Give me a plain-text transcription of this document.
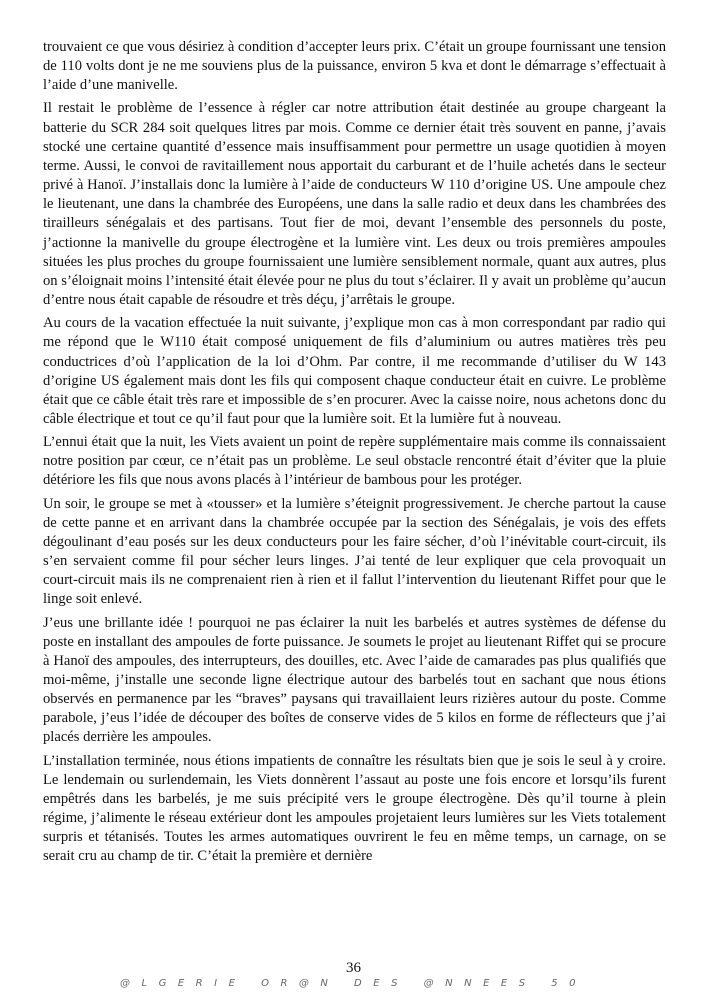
trouvaient ce que vous désiriez à condition d’accepter leurs prix. C’était un groupe fournissant une tension de 110 volts dont je ne me souviens plus de la puissance, environ 5 kva et dont le démarrage s’effectuait à l’aide d’une manivelle.

Il restait le problème de l’essence à régler car notre attribution était destinée au groupe chargeant la batterie du SCR 284 soit quelques litres par mois. Comme ce dernier était très souvent en panne, j’avais stocké une certaine quantité d’essence mais insuffisamment pour permettre un usage quotidien à moyen terme. Aussi, le convoi de ravitaillement nous apportait du carburant et de l’huile achetés dans le secteur privé à Hanoï. J’installais donc la lumière à l’aide de conducteurs W 110 d’origine US. Une ampoule chez le lieutenant, une dans la chambrée des Européens, une dans la salle radio et deux dans les chambrées des tirailleurs sénégalais et des partisans. Tout fier de moi, devant l’ensemble des personnels du poste, j’actionne la manivelle du groupe électrogène et la lumière vint. Les deux ou trois premières ampoules situées les plus proches du groupe fournissaient une lumière sensiblement normale, quant aux autres, plus on s’éloignait moins l’intensité était élevée pour ne plus du tout s’éclairer. Il y avait un problème qu’aucun d’entre nous était capable de résoudre et très déçu, j’arrêtais le groupe.

Au cours de la vacation effectuée la nuit suivante, j’explique mon cas à mon correspondant par radio qui me répond que le W110 était composé uniquement de fils d’aluminium ou autres matières très peu conductrices d’où l’application de la loi d’Ohm. Par contre, il me recommande d’utiliser du W 143 d’origine US également mais dont les fils qui composent chaque conducteur était en cuivre. Le problème était que ce câble était très rare et impossible de s’en procurer. Avec la caisse noire, nous achetons donc du câble électrique et tout ce qu’il faut pour que la lumière soit. Et la lumière fut à nouveau.

L’ennui était que la nuit, les Viets avaient un point de repère supplémentaire mais comme ils connaissaient notre position par cœur, ce n’était pas un problème. Le seul obstacle rencontré était d’éviter que la pluie détériore les fils que nous avons placés à l’intérieur de bambous pour les protéger.

Un soir, le groupe se met à «tousser» et la lumière s’éteignit progressivement. Je cherche partout la cause de cette panne et en arrivant dans la chambrée occupée par la section des Sénégalais, je vois des effets dégoulinant d’eau posés sur les deux conducteurs pour les faire sécher, d’où l’inévitable court-circuit, ils s’en servaient comme fil pour sécher leurs linges. J’ai tenté de leur expliquer que cela provoquait un court-circuit mais ils ne comprenaient rien à rien et il fallut l’intervention du lieutenant Riffet pour que le linge soit enlevé.

J’eus une brillante idée ! pourquoi ne pas éclairer la nuit les barbelés et autres systèmes de défense du poste en installant des ampoules de forte puissance. Je soumets le projet au lieutenant Riffet qui se procure à Hanoï des ampoules, des interrupteurs, des douilles, etc. Avec l’aide de camarades pas plus qualifiés que moi-même, j’installe une seconde ligne électrique autour des barbelés tout en sachant que nous étions observés en permanence par les “braves” paysans qui travaillaient leurs rizières autour du poste. Comme parabole, j’eus l’idée de découper des boîtes de conserve vides de 5 kilos en forme de réflecteurs que j’ai placés derrière les ampoules.

L’installation terminée, nous étions impatients de connaître les résultats bien que je sois le seul à y croire. Le lendemain ou surlendemain, les Viets donnèrent l’assaut au poste une fois encore et lorsqu’ils furent empêtrés dans les barbelés, je me suis précipité vers le groupe électrogène. Dès qu’il tourne à plein régime, j’alimente le réseau extérieur dont les ampoules projetaient leurs lumières sur les Viets totalement surpris et tétanisés. Toutes les armes automatiques ouvrirent le feu en même temps, un carnage, on se serait cru au champ de tir. C’était la première et dernière

36
@LGERIE OR@N DES @NNEES 50
